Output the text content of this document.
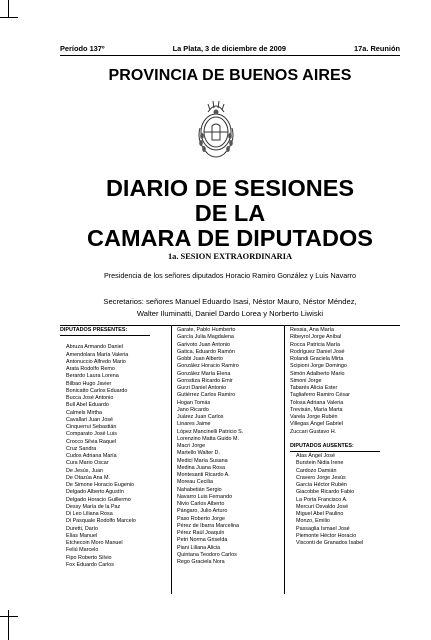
Período 137º	La Plata, 3 de diciembre de 2009	17a. Reunión
PROVINCIA DE BUENOS AIRES
DIARIO DE SESIONES
DE LA
CAMARA DE DIPUTADOS
1a. SESION EXTRAORDINARIA
Presidencia de los señores diputados Horacio Ramiro González y Luis Navarro
Secretarios: señores Manuel Eduardo Isasi, Néstor Mauro, Néstor Méndez,
Walter Iluminatti, Daniel Dardo Lorea y Norberto Liwiski
DIPUTADOS PRESENTES:
Abruza Armando Daniel
Amendolara María Valeria
Antonuccio Alfredo Mario
Arata Rodolfo Remo
Berardo Laura Lorena
Bilbao Hugo Javier
Bonicatto Carlos Eduardo
Bucca José Antonio
Bull Abel Eduardo
Calmels Mirtha
Cavallari Juan José
Cinquerrui Sebastián
Comparato José Luis
Crocco Silvia Raquel
Cruz Sandra
Cudos Adriana María
Cura Mario Oscar
De Jesús, Juan
De Otazúa Ana M.
De Simone Horacio Eugenio
Delgado Alberto Agustín
Delgado Horacio Guillermo
Dessy María de la Paz
Di Leo Liliana Rosa
Di Pasquale Rodolfo Marcelo
Duretti, Darío
Elías Manuel
Etchecoin Moro Manuel
Feliú Marcelo
Fipo Roberto Silvio
Fox Eduardo Carlos
Garate, Pablo Humberto
García Julia Magdalena
Garivoto Juan Antonio
Gatica, Eduardo Ramón
Gobbi Juan Alberto
González Horacio Ramiro
González María Elena
Gorostiza Ricardo Emir
Gurzi Daniel Antonio
Gutiérrez Carlos Ramiro
Hogan Tomás
Jano Ricardo
Juárez Juan Carlos
Linares Jaime
López Mancinelli Patricio S.
Lorenzino Matta Guido M.
Macri Jorge
Martello Walter D.
Medici María Susana
Medina Juana Rosa
Montesanti Ricardo A.
Moreau Cecilia
Nahabetián Sergio
Navarro Luis Fernando
Nivio Carlos Alberto
Pángaro, Julio Arturo
Paso Roberto Jorge
Pérez de Ibarra Marcelina
Pérez Raúl Joaquín
Petri Norma Griselda
Piani Liliana Alicia
Quintana Teodoro Carlos
Rego Graciela Nora
Ressia, Ana María
Ribeyrol Jorge Aníbal
Rocca Patricia María
Rodríguez Daniel José
Rolandi Graciela Mirta
Scipioni Jorge Domingo
Simón Adalberto Mario
Simoni Jorge
Tabarés Alicia Ester
Tagliaferro Ramiro César
Tolosa Adriana Valeria
Trevisán, María Marta
Varela Jorge Rubén
Villegas Ángel Gabriel
Zuccari Gustavo H.
DIPUTADOS AUSENTES:
Atas Ángel José
Burstein Nidia Irene
Cardozo Damián
Cravero Jorge Jesús
García Héctor Rubén
Giacobbe Ricardo Fabio
La Porta Francisco A.
Mercuri Osvaldo José
Miguel Abel Paulino
Monzo, Emilio
Passaglia Ismael José
Piemonte Héctor Horacio
Visconti de Granados Isabel
